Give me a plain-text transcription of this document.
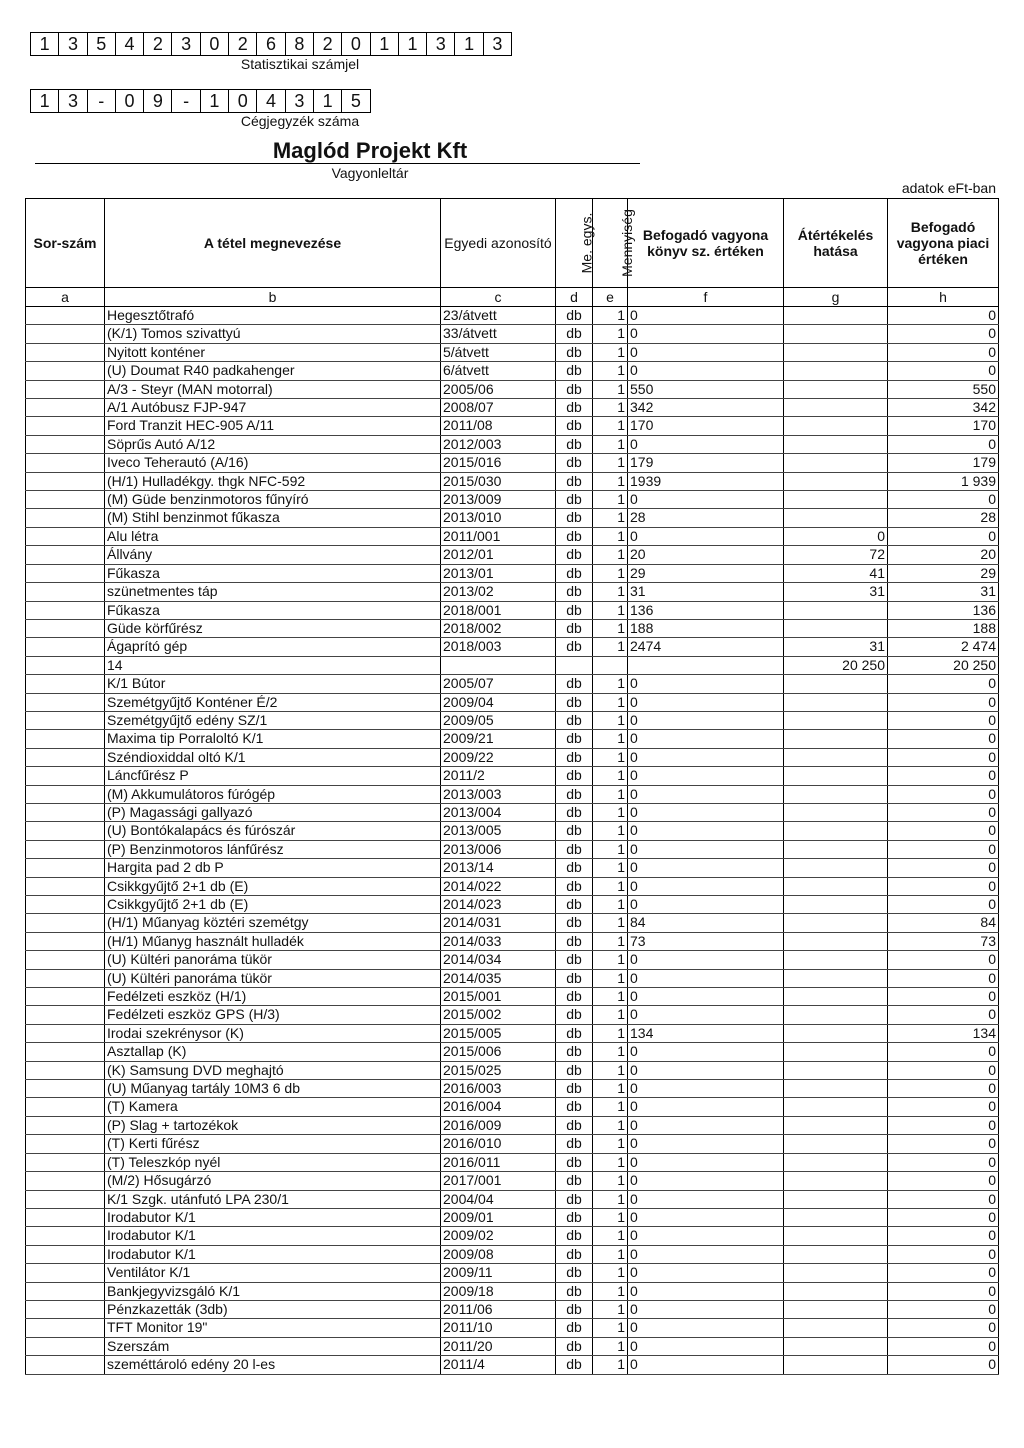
1	3	5	4	2	3	0	2	6	8	2	0	1	1	3	1	3
Statisztikai számjel
1	3	-	0	9	-	1	0	4	3	1	5
Cégjegyzék száma
Maglód Projekt Kft
Vagyonleltár
adatok eFt-ban
Sor-szám	A tétel megnevezése	Egyedi azonosító	Me. egys.	Mennyiség	Befogadó vagyona könyv sz. értéken	Átértékelés hatása	Befogadó vagyona piaci értéken
a	b	c	d	e	f	g	h
	Hegesztőtrafó	23/átvett	db	1	0		0
	(K/1) Tomos szivattyú	33/átvett	db	1	0		0
	Nyitott konténer	5/átvett	db	1	0		0
	(U) Doumat R40 padkahenger	6/átvett	db	1	0		0
	A/3 - Steyr (MAN motorral)	2005/06	db	1	550		550
	A/1 Autóbusz FJP-947	2008/07	db	1	342		342
	Ford Tranzit HEC-905 A/11	2011/08	db	1	170		170
	Söprűs Autó A/12	2012/003	db	1	0		0
	Iveco Teherautó (A/16)	2015/016	db	1	179		179
	(H/1) Hulladékgy. thgk NFC-592	2015/030	db	1	1939		1 939
	(M) Güde benzinmotoros fűnyíró	2013/009	db	1	0		0
	(M) Stihl benzinmot fűkasza	2013/010	db	1	28		28
	Alu létra	2011/001	db	1	0	0	0
	Állvány	2012/01	db	1	20	72	20
	Fűkasza	2013/01	db	1	29	41	29
	szünetmentes táp	2013/02	db	1	31	31	31
	Fűkasza	2018/001	db	1	136		136
	Güde körfűrész	2018/002	db	1	188		188
	Ágaprító gép	2018/003	db	1	2474	31	2 474
	14					20 250	20 250
	K/1 Bútor	2005/07	db	1	0		0
	Szemétgyűjtő Konténer É/2	2009/04	db	1	0		0
	Szemétgyűjtő edény SZ/1	2009/05	db	1	0		0
	Maxima tip Porraloltó K/1	2009/21	db	1	0		0
	Széndioxiddal oltó K/1	2009/22	db	1	0		0
	Láncfűrész P	2011/2	db	1	0		0
	(M) Akkumulátoros fúrógép	2013/003	db	1	0		0
	(P) Magassági gallyazó	2013/004	db	1	0		0
	(U) Bontókalapács és fúrószár	2013/005	db	1	0		0
	(P) Benzinmotoros lánfűrész	2013/006	db	1	0		0
	Hargita pad 2 db P	2013/14	db	1	0		0
	Csikkgyűjtő 2+1 db (E)	2014/022	db	1	0		0
	Csikkgyűjtő 2+1 db (E)	2014/023	db	1	0		0
	(H/1) Műanyag köztéri szemétgy	2014/031	db	1	84		84
	(H/1) Műanyg használt hulladék	2014/033	db	1	73		73
	(U) Kültéri panoráma tükör	2014/034	db	1	0		0
	(U) Kültéri panoráma tükör	2014/035	db	1	0		0
	Fedélzeti eszköz (H/1)	2015/001	db	1	0		0
	Fedélzeti eszköz GPS (H/3)	2015/002	db	1	0		0
	Irodai szekrénysor (K)	2015/005	db	1	134		134
	Asztallap (K)	2015/006	db	1	0		0
	(K) Samsung DVD meghajtó	2015/025	db	1	0		0
	(U) Műanyag tartály 10M3 6 db	2016/003	db	1	0		0
	(T) Kamera	2016/004	db	1	0		0
	(P) Slag + tartozékok	2016/009	db	1	0		0
	(T) Kerti fűrész	2016/010	db	1	0		0
	(T) Teleszkóp nyél	2016/011	db	1	0		0
	(M/2) Hősugárzó	2017/001	db	1	0		0
	K/1 Szgk. utánfutó LPA 230/1	2004/04	db	1	0		0
	Irodabutor K/1	2009/01	db	1	0		0
	Irodabutor K/1	2009/02	db	1	0		0
	Irodabutor K/1	2009/08	db	1	0		0
	Ventilátor K/1	2009/11	db	1	0		0
	Bankjegyvizsgáló K/1	2009/18	db	1	0		0
	Pénzkazetták (3db)	2011/06	db	1	0		0
	TFT Monitor 19"	2011/10	db	1	0		0
	Szerszám	2011/20	db	1	0		0
	szeméttároló edény 20 l-es	2011/4	db	1	0		0
